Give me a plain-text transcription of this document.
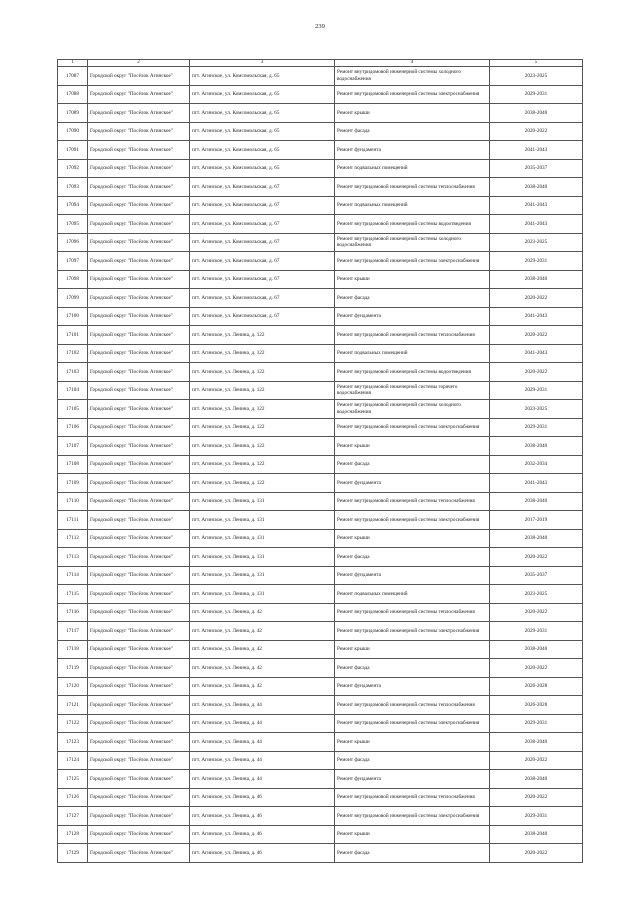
239
1	2	3	4	5
17087	Городской округ "Посёлок Агинское"	пгт. Агинское, ул. Комсомольская, д. 65	Ремонт внутридомовой инженерной системы холодного водоснабжения	2023-2025
17088	Городской округ "Посёлок Агинское"	пгт. Агинское, ул. Комсомольская, д. 65	Ремонт внутридомовой инженерной системы электроснабжения	2029-2031
17089	Городской округ "Посёлок Агинское"	пгт. Агинское, ул. Комсомольская, д. 65	Ремонт крыши	2038-2040
17090	Городской округ "Посёлок Агинское"	пгт. Агинское, ул. Комсомольская, д. 65	Ремонт фасада	2020-2022
17091	Городской округ "Посёлок Агинское"	пгт. Агинское, ул. Комсомольская, д. 65	Ремонт фундамента	2041-2043
17092	Городской округ "Посёлок Агинское"	пгт. Агинское, ул. Комсомольская, д. 65	Ремонт подвальных помещений	2035-2037
17093	Городской округ "Посёлок Агинское"	пгт. Агинское, ул. Комсомольская, д. 67	Ремонт внутридомовой инженерной системы теплоснабжения	2038-2040
17094	Городской округ "Посёлок Агинское"	пгт. Агинское, ул. Комсомольская, д. 67	Ремонт подвальных помещений	2041-2043
17095	Городской округ "Посёлок Агинское"	пгт. Агинское, ул. Комсомольская, д. 67	Ремонт внутридомовой инженерной системы водоотведения	2041-2043
17096	Городской округ "Посёлок Агинское"	пгт. Агинское, ул. Комсомольская, д. 67	Ремонт внутридомовой инженерной системы холодного водоснабжения	2023-2025
17097	Городской округ "Посёлок Агинское"	пгт. Агинское, ул. Комсомольская, д. 67	Ремонт внутридомовой инженерной системы электроснабжения	2029-2031
17098	Городской округ "Посёлок Агинское"	пгт. Агинское, ул. Комсомольская, д. 67	Ремонт крыши	2038-2040
17099	Городской округ "Посёлок Агинское"	пгт. Агинское, ул. Комсомольская, д. 67	Ремонт фасада	2020-2022
17100	Городской округ "Посёлок Агинское"	пгт. Агинское, ул. Комсомольская, д. 67	Ремонт фундамента	2041-2043
17101	Городской округ "Посёлок Агинское"	пгт. Агинское, ул. Ленина, д. 122	Ремонт внутридомовой инженерной системы теплоснабжения	2020-2022
17102	Городской округ "Посёлок Агинское"	пгт. Агинское, ул. Ленина, д. 122	Ремонт подвальных помещений	2041-2043
17103	Городской округ "Посёлок Агинское"	пгт. Агинское, ул. Ленина, д. 122	Ремонт внутридомовой инженерной системы водоотведения	2020-2022
17104	Городской округ "Посёлок Агинское"	пгт. Агинское, ул. Ленина, д. 122	Ремонт внутридомовой инженерной системы горячего водоснабжения	2029-2031
17105	Городской округ "Посёлок Агинское"	пгт. Агинское, ул. Ленина, д. 122	Ремонт внутридомовой инженерной системы холодного водоснабжения	2023-2025
17106	Городской округ "Посёлок Агинское"	пгт. Агинское, ул. Ленина, д. 122	Ремонт внутридомовой инженерной системы электроснабжения	2029-2031
17107	Городской округ "Посёлок Агинское"	пгт. Агинское, ул. Ленина, д. 122	Ремонт крыши	2038-2040
17108	Городской округ "Посёлок Агинское"	пгт. Агинское, ул. Ленина, д. 122	Ремонт фасада	2032-2034
17109	Городской округ "Посёлок Агинское"	пгт. Агинское, ул. Ленина, д. 122	Ремонт фундамента	2041-2043
17110	Городской округ "Посёлок Агинское"	пгт. Агинское, ул. Ленина, д. 131	Ремонт внутридомовой инженерной системы теплоснабжения	2038-2040
17111	Городской округ "Посёлок Агинское"	пгт. Агинское, ул. Ленина, д. 131	Ремонт внутридомовой инженерной системы электроснабжения	2017-2019
17112	Городской округ "Посёлок Агинское"	пгт. Агинское, ул. Ленина, д. 131	Ремонт крыши	2038-2040
17113	Городской округ "Посёлок Агинское"	пгт. Агинское, ул. Ленина, д. 131	Ремонт фасада	2020-2022
17114	Городской округ "Посёлок Агинское"	пгт. Агинское, ул. Ленина, д. 131	Ремонт фундамента	2035-2037
17115	Городской округ "Посёлок Агинское"	пгт. Агинское, ул. Ленина, д. 131	Ремонт подвальных помещений	2023-2025
17116	Городской округ "Посёлок Агинское"	пгт. Агинское, ул. Ленина, д. 42	Ремонт внутридомовой инженерной системы теплоснабжения	2020-2022
17117	Городской округ "Посёлок Агинское"	пгт. Агинское, ул. Ленина, д. 42	Ремонт внутридомовой инженерной системы электроснабжения	2029-2031
17118	Городской округ "Посёлок Агинское"	пгт. Агинское, ул. Ленина, д. 42	Ремонт крыши	2038-2040
17119	Городской округ "Посёлок Агинское"	пгт. Агинское, ул. Ленина, д. 42	Ремонт фасада	2020-2022
17120	Городской округ "Посёлок Агинское"	пгт. Агинское, ул. Ленина, д. 42	Ремонт фундамента	2026-2028
17121	Городской округ "Посёлок Агинское"	пгт. Агинское, ул. Ленина, д. 44	Ремонт внутридомовой инженерной системы теплоснабжения	2026-2028
17122	Городской округ "Посёлок Агинское"	пгт. Агинское, ул. Ленина, д. 44	Ремонт внутридомовой инженерной системы электроснабжения	2029-2031
17123	Городской округ "Посёлок Агинское"	пгт. Агинское, ул. Ленина, д. 44	Ремонт крыши	2038-2040
17124	Городской округ "Посёлок Агинское"	пгт. Агинское, ул. Ленина, д. 44	Ремонт фасада	2020-2022
17125	Городской округ "Посёлок Агинское"	пгт. Агинское, ул. Ленина, д. 44	Ремонт фундамента	2038-2040
17126	Городской округ "Посёлок Агинское"	пгт. Агинское, ул. Ленина, д. 46	Ремонт внутридомовой инженерной системы теплоснабжения	2020-2022
17127	Городской округ "Посёлок Агинское"	пгт. Агинское, ул. Ленина, д. 46	Ремонт внутридомовой инженерной системы электроснабжения	2029-2031
17128	Городской округ "Посёлок Агинское"	пгт. Агинское, ул. Ленина, д. 46	Ремонт крыши	2038-2040
17129	Городской округ "Посёлок Агинское"	пгт. Агинское, ул. Ленина, д. 46	Ремонт фасада	2020-2022
